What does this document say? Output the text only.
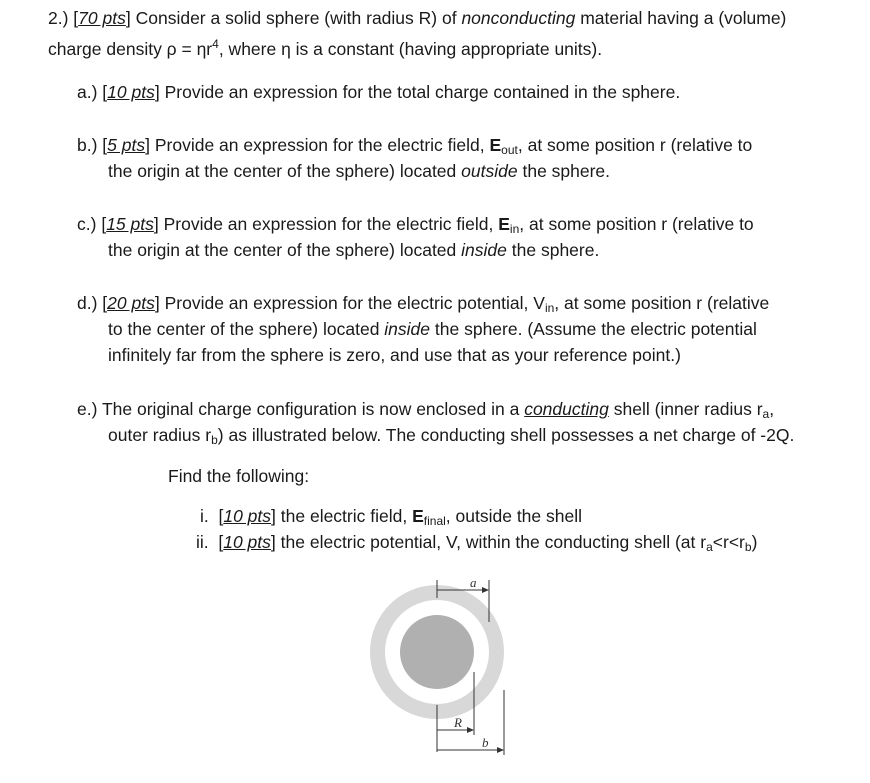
2.) [70 pts] Consider a solid sphere (with radius R) of nonconducting material having a (volume)
charge density $\rho = \eta r^4$, where η is a constant (having appropriate units).
a.) [10 pts] Provide an expression for the total charge contained in the sphere.
b.) [5 pts] Provide an expression for the electric field, $E_{out}$, at some position r (relative to
the origin at the center of the sphere) located outside the sphere.
c.) [15 pts] Provide an expression for the electric field, $E_{in}$, at some position r (relative to
the origin at the center of the sphere) located inside the sphere.
d.) [20 pts] Provide an expression for the electric potential, $V_{in}$, at some position r (relative
to the center of the sphere) located inside the sphere. (Assume the electric potential
infinitely far from the sphere is zero, and use that as your reference point.)
e.) The original charge configuration is now enclosed in a conducting shell (inner radius $r_a$,
outer radius $r_b$) as illustrated below. The conducting shell possesses a net charge of -2Q.
Find the following:
i.  [10 pts] the electric field, $E_{final}$, outside the shell
ii.  [10 pts] the electric potential, V, within the conducting shell (at $r_a<r<r_b$)
a
R
b
